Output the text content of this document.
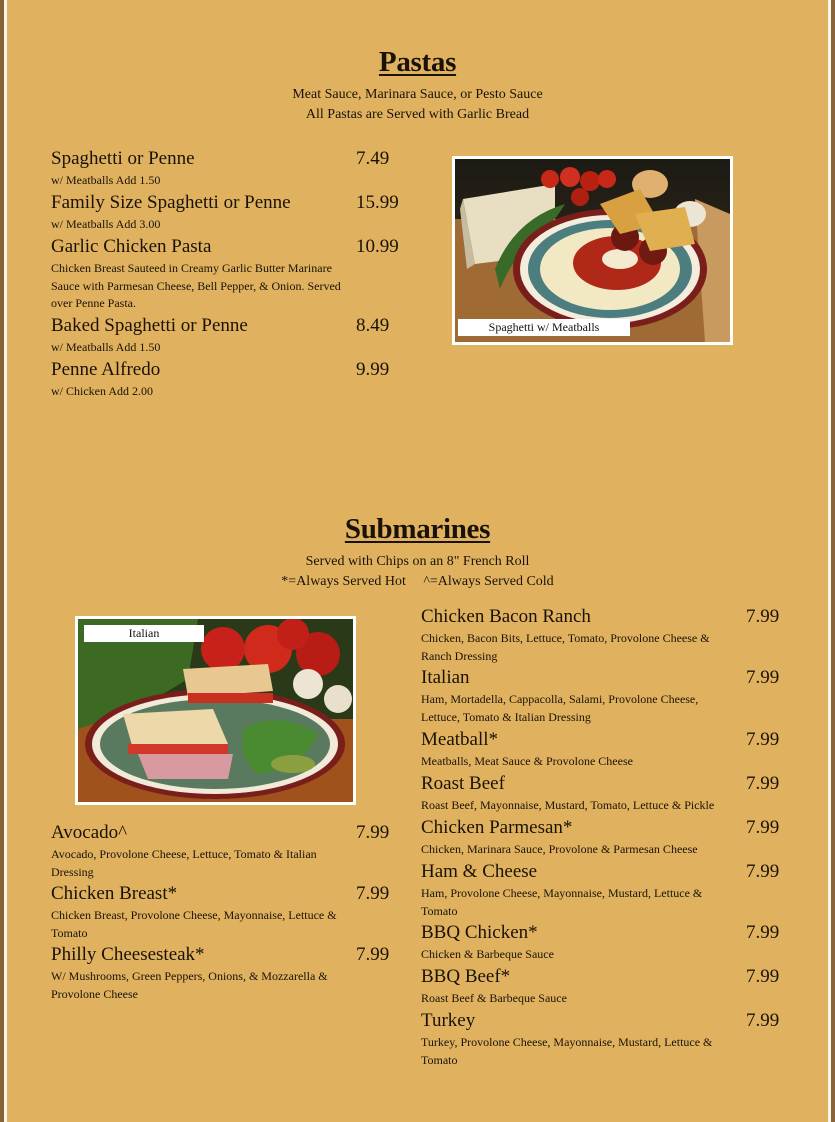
Pastas
Meat Sauce, Marinara Sauce, or Pesto Sauce
All Pastas are Served with Garlic Bread
Spaghetti or Penne	7.49
w/ Meatballs Add 1.50
Family Size Spaghetti or Penne	15.99
w/ Meatballs Add 3.00
Garlic Chicken Pasta	10.99
Chicken Breast Sauteed in Creamy Garlic Butter Marinare Sauce with Parmesan Cheese, Bell Pepper, & Onion. Served over Penne Pasta.
Baked Spaghetti or Penne	8.49
w/ Meatballs Add 1.50
Penne Alfredo	9.99
w/ Chicken Add 2.00
Spaghetti w/ Meatballs
Submarines
Served with Chips on an 8" French Roll
*=Always Served Hot     ^=Always Served Cold
Italian
Avocado^	7.99
Avocado, Provolone Cheese, Lettuce, Tomato & Italian Dressing
Chicken Breast*	7.99
Chicken Breast, Provolone Cheese, Mayonnaise, Lettuce & Tomato
Philly Cheesesteak*	7.99
W/ Mushrooms, Green Peppers, Onions, & Mozzarella & Provolone Cheese
Chicken Bacon Ranch	7.99
Chicken, Bacon Bits, Lettuce, Tomato, Provolone Cheese & Ranch Dressing
Italian	7.99
Ham, Mortadella, Cappacolla, Salami, Provolone Cheese, Lettuce, Tomato & Italian Dressing
Meatball*	7.99
Meatballs, Meat Sauce & Provolone Cheese
Roast Beef	7.99
Roast Beef, Mayonnaise, Mustard, Tomato, Lettuce & Pickle
Chicken Parmesan*	7.99
Chicken, Marinara Sauce, Provolone & Parmesan Cheese
Ham & Cheese	7.99
Ham, Provolone Cheese, Mayonnaise, Mustard, Lettuce & Tomato
BBQ Chicken*	7.99
Chicken & Barbeque Sauce
BBQ Beef*	7.99
Roast Beef & Barbeque Sauce
Turkey	7.99
Turkey, Provolone Cheese, Mayonnaise, Mustard, Lettuce & Tomato
